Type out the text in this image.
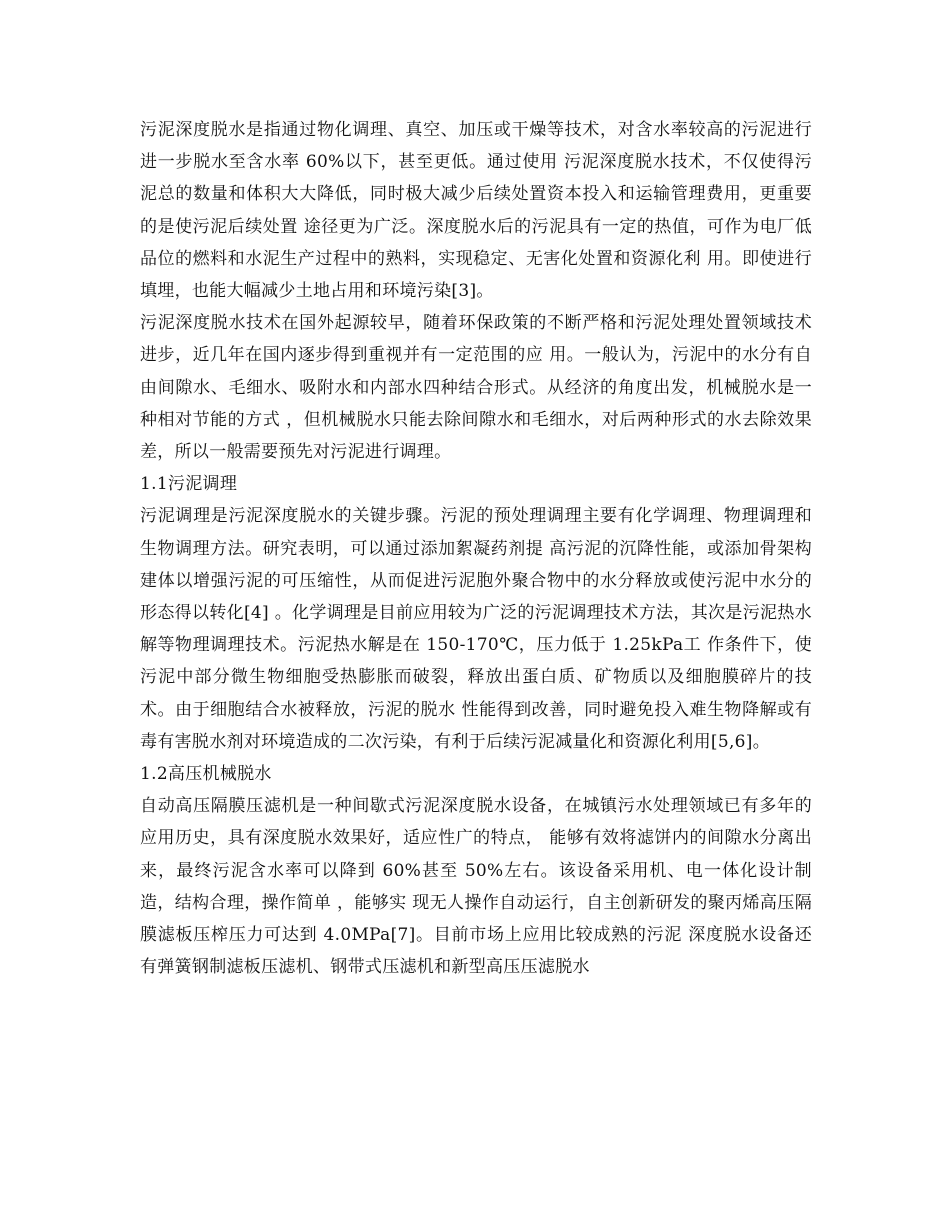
污泥深度脱水是指通过物化调理、真空、加压或干燥等技术，对含水率较高的污泥进行进一步脱水至含水率 60%以下，甚至更低。通过使用 污泥深度脱水技术，不仅使得污泥总的数量和体积大大降低，同时极大减少后续处置资本投入和运输管理费用，更重要的是使污泥后续处置 途径更为广泛。深度脱水后的污泥具有一定的热值，可作为电厂低品位的燃料和水泥生产过程中的熟料，实现稳定、无害化处置和资源化利 用。即使进行填埋，也能大幅减少土地占用和环境污染[3]。

污泥深度脱水技术在国外起源较早，随着环保政策的不断严格和污泥处理处置领域技术进步，近几年在国内逐步得到重视并有一定范围的应 用。一般认为，污泥中的水分有自由间隙水、毛细水、吸附水和内部水四种结合形式。从经济的角度出发，机械脱水是一种相对节能的方式 ，但机械脱水只能去除间隙水和毛细水，对后两种形式的水去除效果差，所以一般需要预先对污泥进行调理。

1.1污泥调理

污泥调理是污泥深度脱水的关键步骤。污泥的预处理调理主要有化学调理、物理调理和生物调理方法。研究表明，可以通过添加絮凝药剂提 高污泥的沉降性能，或添加骨架构建体以增强污泥的可压缩性，从而促进污泥胞外聚合物中的水分释放或使污泥中水分的形态得以转化[4] 。化学调理是目前应用较为广泛的污泥调理技术方法，其次是污泥热水解等物理调理技术。污泥热水解是在 150-170℃，压力低于 1.25kPa工 作条件下，使污泥中部分微生物细胞受热膨胀而破裂，释放出蛋白质、矿物质以及细胞膜碎片的技术。由于细胞结合水被释放，污泥的脱水 性能得到改善，同时避免投入难生物降解或有毒有害脱水剂对环境造成的二次污染，有利于后续污泥减量化和资源化利用[5,6]。

1.2高压机械脱水

自动高压隔膜压滤机是一种间歇式污泥深度脱水设备，在城镇污水处理领域已有多年的应用历史，具有深度脱水效果好，适应性广的特点， 能够有效将滤饼内的间隙水分离出来，最终污泥含水率可以降到 60%甚至 50%左右。该设备采用机、电一体化设计制造，结构合理，操作简单 ，能够实 现无人操作自动运行，自主创新研发的聚丙烯高压隔膜滤板压榨压力可达到 4.0MPa[7]。目前市场上应用比较成熟的污泥 深度脱水设备还有弹簧钢制滤板压滤机、钢带式压滤机和新型高压压滤脱水
